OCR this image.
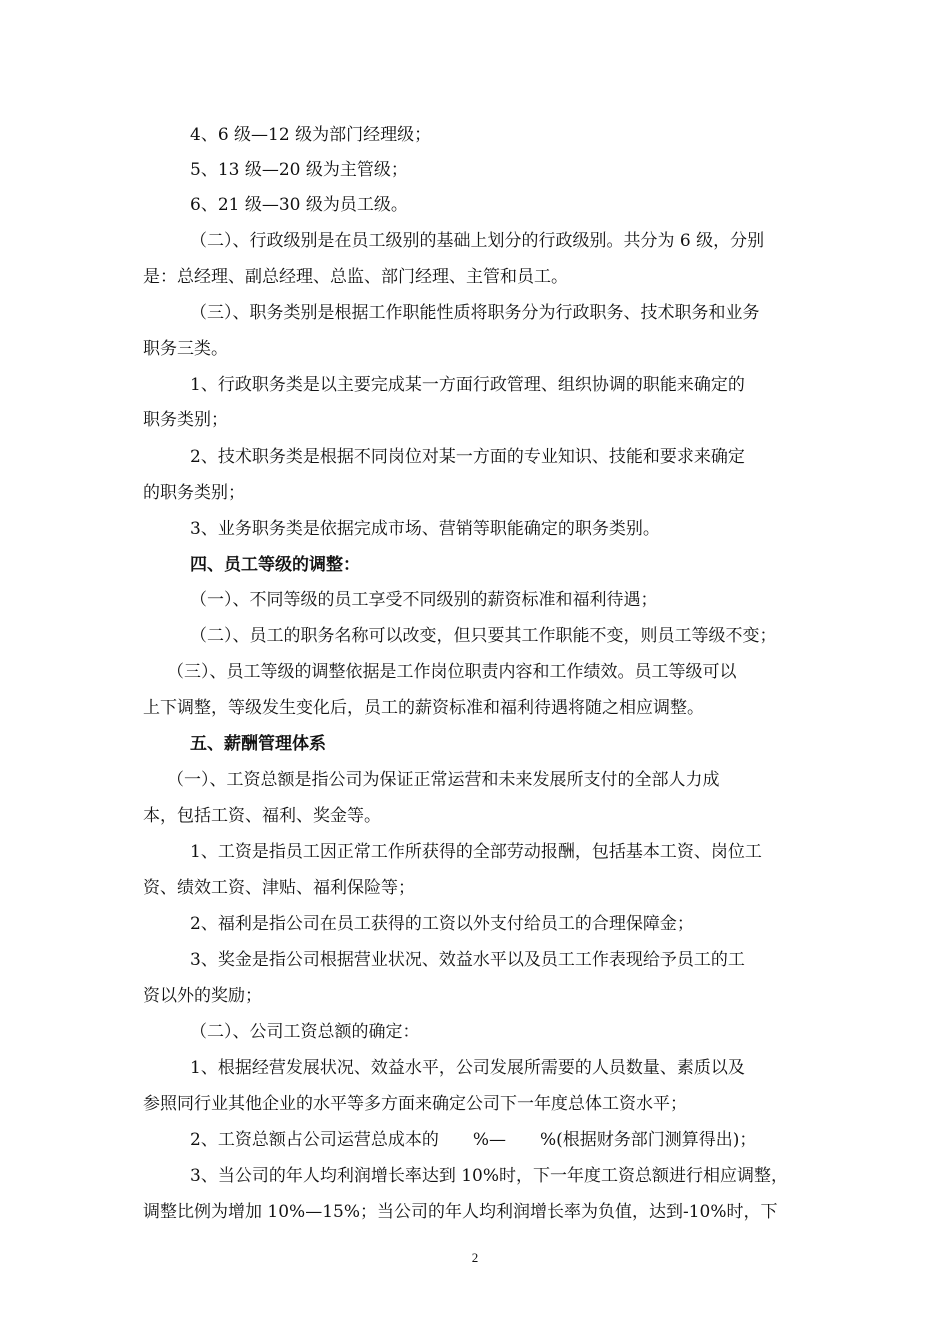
4、6 级—12 级为部门经理级；
5、13 级—20 级为主管级；
6、21 级—30 级为员工级。
（二）、行政级别是在员工级别的基础上划分的行政级别。共分为 6 级，分别
是：总经理、副总经理、总监、部门经理、主管和员工。
（三）、职务类别是根据工作职能性质将职务分为行政职务、技术职务和业务
职务三类。
1、行政职务类是以主要完成某一方面行政管理、组织协调的职能来确定的
职务类别；
2、技术职务类是根据不同岗位对某一方面的专业知识、技能和要求来确定
的职务类别；
3、业务职务类是依据完成市场、营销等职能确定的职务类别。
四、员工等级的调整：
（一）、不同等级的员工享受不同级别的薪资标准和福利待遇；
（二）、员工的职务名称可以改变，但只要其工作职能不变，则员工等级不变；
（三）、员工等级的调整依据是工作岗位职责内容和工作绩效。员工等级可以
上下调整，等级发生变化后，员工的薪资标准和福利待遇将随之相应调整。
五、薪酬管理体系
（一）、工资总额是指公司为保证正常运营和未来发展所支付的全部人力成
本，包括工资、福利、奖金等。
1、工资是指员工因正常工作所获得的全部劳动报酬，包括基本工资、岗位工
资、绩效工资、津贴、福利保险等；
2、福利是指公司在员工获得的工资以外支付给员工的合理保障金；
3、奖金是指公司根据营业状况、效益水平以及员工工作表现给予员工的工
资以外的奖励；
（二）、公司工资总额的确定：
1、根据经营发展状况、效益水平，公司发展所需要的人员数量、素质以及
参照同行业其他企业的水平等多方面来确定公司下一年度总体工资水平；
2、工资总额占公司运营总成本的　　%—　　%(根据财务部门测算得出)；
3、当公司的年人均利润增长率达到 10%时，下一年度工资总额进行相应调整，
调整比例为增加 10%—15%；当公司的年人均利润增长率为负值，达到-10%时，下
2
